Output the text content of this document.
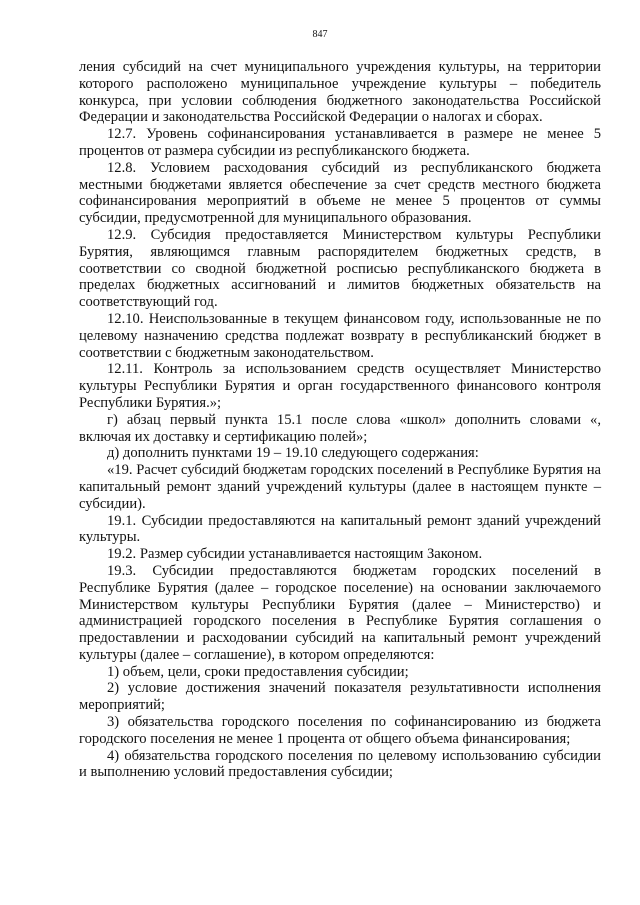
847

ления субсидий на счет муниципального учреждения культуры, на территории которого расположено муниципальное учреждение культуры – победитель конкурса, при условии соблюдения бюджетного законодательства Российской Федерации и законодательства Российской Федерации о налогах и сборах.

12.7. Уровень софинансирования устанавливается в размере не менее 5 процентов от размера субсидии из республиканского бюджета.

12.8. Условием расходования субсидий из республиканского бюджета местными бюджетами является обеспечение за счет средств местного бюджета софинансирования мероприятий в объеме не менее 5 процентов от суммы субсидии, предусмотренной для муниципального образования.

12.9. Субсидия предоставляется Министерством культуры Республики Бурятия, являющимся главным распорядителем бюджетных средств, в соответствии со сводной бюджетной росписью республиканского бюджета в пределах бюджетных ассигнований и лимитов бюджетных обязательств на соответствующий год.

12.10. Неиспользованные в текущем финансовом году, использованные не по целевому назначению средства подлежат возврату в республиканский бюджет в соответствии с бюджетным законодательством.

12.11. Контроль за использованием средств осуществляет Министерство культуры Республики Бурятия и орган государственного финансового контроля Республики Бурятия.»;

г) абзац первый пункта 15.1 после слова «школ» дополнить словами «, включая их доставку и сертификацию полей»;

д) дополнить пунктами 19 – 19.10 следующего содержания:

«19. Расчет субсидий бюджетам городских поселений в Республике Бурятия на капитальный ремонт зданий учреждений культуры (далее в настоящем пункте – субсидии).

19.1. Субсидии предоставляются на капитальный ремонт зданий учреждений культуры.

19.2. Размер субсидии устанавливается настоящим Законом.

19.3. Субсидии предоставляются бюджетам городских поселений в Республике Бурятия (далее – городское поселение) на основании заключаемого Министерством культуры Республики Бурятия (далее – Министерство) и администрацией городского поселения в Республике Бурятия соглашения о предоставлении и расходовании субсидий на капитальный ремонт учреждений культуры (далее – соглашение), в котором определяются:

1) объем, цели, сроки предоставления субсидии;

2) условие достижения значений показателя результативности исполнения мероприятий;

3) обязательства городского поселения по софинансированию из бюджета городского поселения не менее 1 процента от общего объема финансирования;

4) обязательства городского поселения по целевому использованию субсидии и выполнению условий предоставления субсидии;
